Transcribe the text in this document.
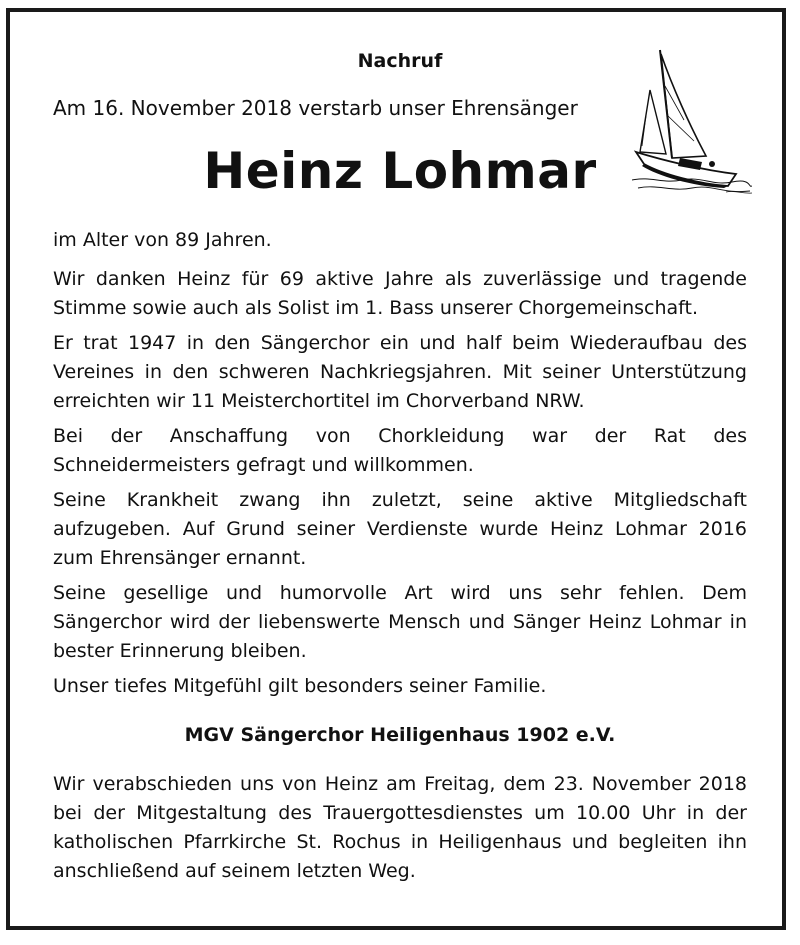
Nachruf

Am 16. November 2018 verstarb unser Ehrensänger

Heinz Lohmar

im Alter von 89 Jahren.

Wir danken Heinz für 69 aktive Jahre als zuverlässige und tragende Stimme sowie auch als Solist im 1. Bass unserer Chorgemeinschaft.

Er trat 1947 in den Sängerchor ein und half beim Wiederaufbau des Vereines in den schweren Nachkriegsjahren. Mit seiner Unterstützung erreichten wir 11 Meisterchortitel im Chorverband NRW.

Bei der Anschaffung von Chorkleidung war der Rat des Schneidermeisters gefragt und willkommen.

Seine Krankheit zwang ihn zuletzt, seine aktive Mitgliedschaft aufzugeben. Auf Grund seiner Verdienste wurde Heinz Lohmar 2016 zum Ehrensänger ernannt.

Seine gesellige und humorvolle Art wird uns sehr fehlen. Dem Sängerchor wird der liebenswerte Mensch und Sänger Heinz Lohmar in bester Erinnerung bleiben.

Unser tiefes Mitgefühl gilt besonders seiner Familie.

MGV Sängerchor Heiligenhaus 1902 e.V.

Wir verabschieden uns von Heinz am Freitag, dem 23. November 2018 bei der Mitgestaltung des Trauergottesdienstes um 10.00 Uhr in der katholischen Pfarrkirche St. Rochus in Heiligenhaus und begleiten ihn anschließend auf seinem letzten Weg.
